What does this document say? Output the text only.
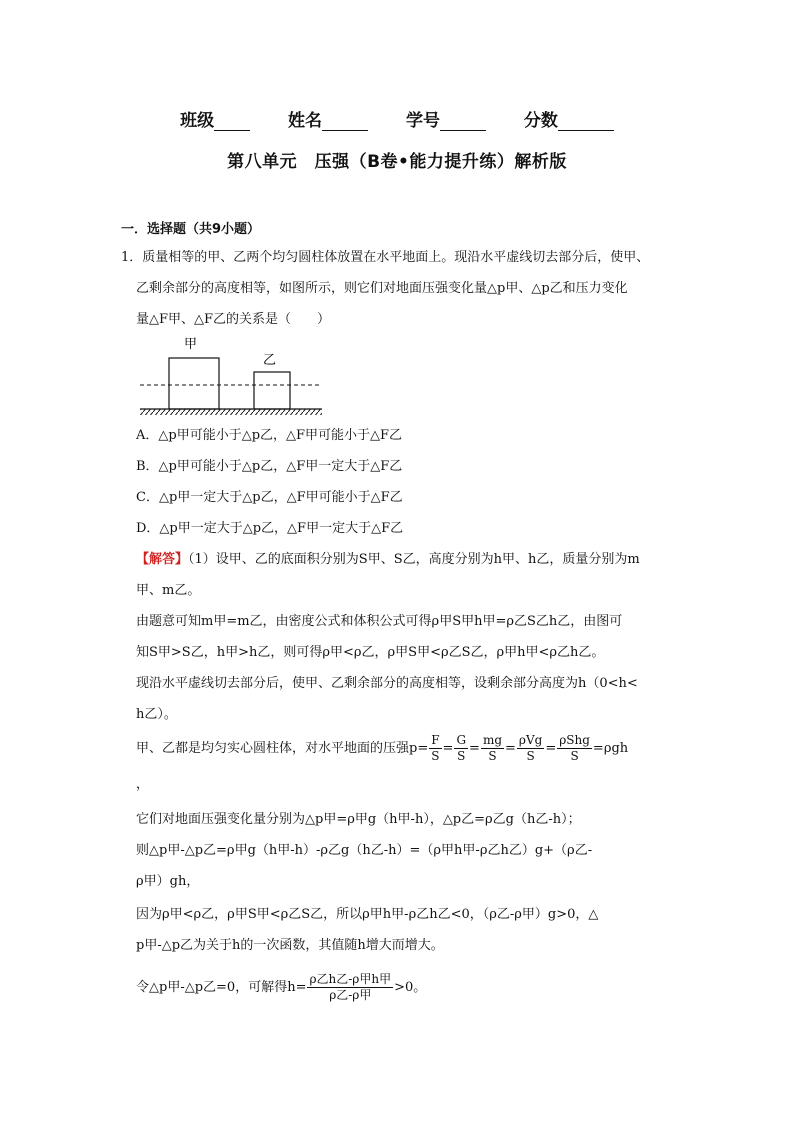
班级	姓名	学号	分数
第八单元　压强（B卷•能力提升练）解析版
一．选择题（共9小题）
1．质量相等的甲、乙两个均匀圆柱体放置在水平地面上。现沿水平虚线切去部分后，使甲、
乙剩余部分的高度相等，如图所示，则它们对地面压强变化量△p甲、△p乙和压力变化
量△F甲、△F乙的关系是（　　）
甲
乙
A．△p甲可能小于△p乙，△F甲可能小于△F乙
B．△p甲可能小于△p乙，△F甲一定大于△F乙
C．△p甲一定大于△p乙，△F甲可能小于△F乙
D．△p甲一定大于△p乙，△F甲一定大于△F乙
【解答】（1）设甲、乙的底面积分别为S甲、S乙，高度分别为h甲、h乙，质量分别为m
甲、m乙。
由题意可知m甲=m乙，由密度公式和体积公式可得ρ甲S甲h甲=ρ乙S乙h乙，由图可
知S甲>S乙，h甲>h乙，则可得ρ甲<ρ乙，ρ甲S甲<ρ乙S乙，ρ甲h甲<ρ乙h乙。
现沿水平虚线切去部分后，使甲、乙剩余部分的高度相等，设剩余部分高度为h（0<h<
h乙）。
甲、乙都是均匀实心圆柱体，对水平地面的压强$p= \frac{F}{S} = \frac{G}{S} = \frac{mg}{S} = \frac{\text{ρVg}}{S} = \frac{\text{ρShg}}{S} =\rho gh$
，
它们对地面压强变化量分别为△p甲=ρ甲g（h甲-h），△p乙=ρ乙g（h乙-h）；
则△p甲-△p乙=ρ甲g（h甲-h）-ρ乙g（h乙-h）=（ρ甲h甲-ρ乙h乙）g+（ρ乙-
ρ甲）gh，
因为ρ甲<ρ乙，ρ甲S甲<ρ乙S乙，所以ρ甲h甲-ρ乙h乙<0，（ρ乙-ρ甲）g>0，△
p甲-△p乙为关于h的一次函数，其值随h增大而增大。
令△p甲-△p乙=0，可解得$h= \frac{\text{ρ乙h乙-ρ甲h甲}}{\text{ρ乙-ρ甲}} >0$。
